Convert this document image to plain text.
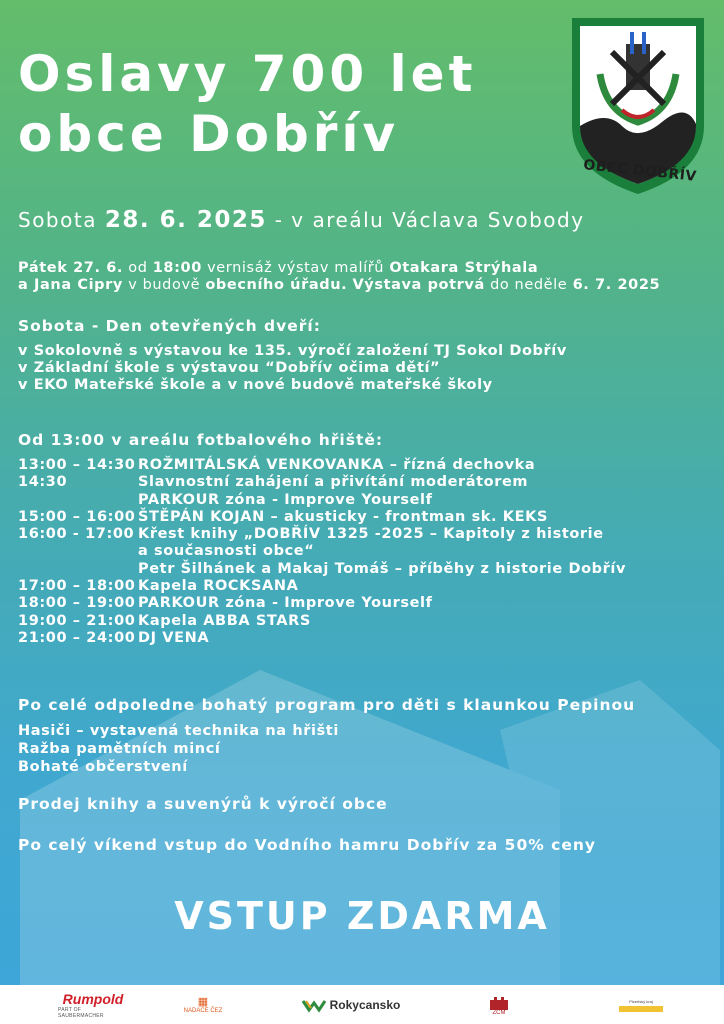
Oslavy 700 let
obce Dobřív
OBEC DOBŘÍV
Sobota 28. 6. 2025 - v areálu Václava Svobody
Pátek 27. 6. od 18:00 vernisáž výstav malířů Otakara Strýhala
a Jana Cipry v budově obecního úřadu. Výstava potrvá do neděle 6. 7. 2025
Sobota - Den otevřených dveří:
v Sokolovně s výstavou ke 135. výročí založení TJ Sokol Dobřív
v Základní škole s výstavou “Dobřív očima dětí”
v EKO Mateřské škole a v nové budově mateřské školy
Od 13:00 v areálu fotbalového hřiště:
13:00 – 14:30	ROŽMITÁLSKÁ VENKOVANKA – řízná dechovka
14:30	Slavnostní zahájení a přivítání moderátorem
	PARKOUR zóna - Improve Yourself
15:00 – 16:00	ŠTĚPÁN KOJAN – akusticky - frontman sk. KEKS
16:00 - 17:00	Křest knihy „DOBŘÍV 1325 -2025 – Kapitoly z historie
	a současnosti obce“
	Petr Šilhánek a Makaj Tomáš – příběhy z historie Dobřív
17:00 – 18:00	Kapela ROCKSANA
18:00 – 19:00	PARKOUR zóna - Improve Yourself
19:00 – 21:00	Kapela ABBA STARS
21:00 – 24:00	DJ VENA
Po celé odpoledne bohatý program pro děti s klaunkou Pepinou
Hasiči – vystavená technika na hřišti
Ražba pamětních mincí
Bohaté občerstvení
Prodej knihy a suvenýrů k výročí obce
Po celý víkend vstup do Vodního hamru Dobřív za 50% ceny
VSTUP ZDARMA
Rumpold
PART OF SAUBERMACHER
▦
NADACE ČEZ	Rokycansko
ZČM
Plzeňský kraj
